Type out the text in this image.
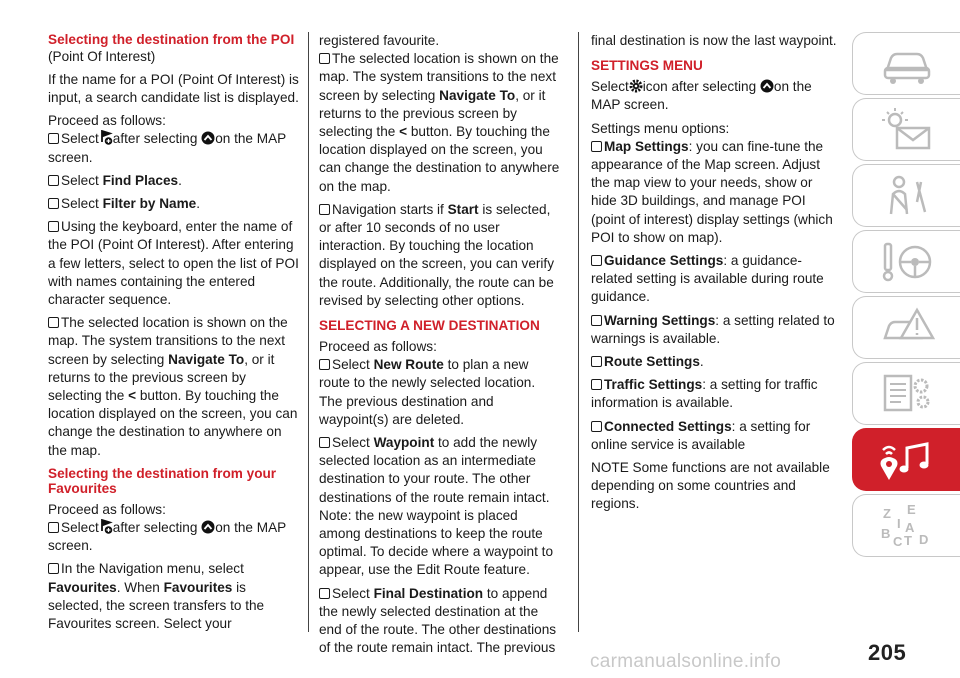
Selecting the destination from the POI

(Point Of Interest)

If the name for a POI (Point Of Interest) is input, a search candidate list is displayed.

Proceed as follows:

Select after selecting on the MAP screen.

Select Find Places.

Select Filter by Name.

Using the keyboard, enter the name of the POI (Point Of Interest). After entering a few letters, select to open the list of POI with names containing the entered character sequence.

The selected location is shown on the map. The system transitions to the next screen by selecting Navigate To, or it returns to the previous screen by selecting the < button. By touching the location displayed on the screen, you can change the destination to anywhere on the map.

Selecting the destination from your Favourites

Proceed as follows:

Select after selecting on the MAP screen.

In the Navigation menu, select Favourites. When Favourites is selected, the screen transfers to the Favourites screen. Select your

registered favourite.

The selected location is shown on the map. The system transitions to the next screen by selecting Navigate To, or it returns to the previous screen by selecting the < button. By touching the location displayed on the screen, you can change the destination to anywhere on the map.

Navigation starts if Start is selected, or after 10 seconds of no user interaction. By touching the location displayed on the screen, you can verify the route. Additionally, the route can be revised by selecting other options.

SELECTING A NEW DESTINATION

Proceed as follows:

Select New Route to plan a new route to the newly selected location. The previous destination and waypoint(s) are deleted.

Select Waypoint to add the newly selected location as an intermediate destination to your route. The other destinations of the route remain intact. Note: the new waypoint is placed among destinations to keep the route optimal. To decide where a waypoint to appear, use the Edit Route feature.

Select Final Destination to append the newly selected destination at the end of the route. The other destinations of the route remain intact. The previous

final destination is now the last waypoint.

SETTINGS MENU

Select icon after selecting on the MAP screen.

Settings menu options:

Map Settings: you can fine-tune the appearance of the Map screen. Adjust the map view to your needs, show or hide 3D buildings, and manage POI (point of interest) display settings (which POI to show on map).

Guidance Settings: a guidance-related setting is available during route guidance.

Warning Settings: a setting related to warnings is available.

Route Settings.

Traffic Settings: a setting for traffic information is available.

Connected Settings: a setting for online service is available

NOTE Some functions are not available depending on some countries and regions.

Z E
B A
C D
T
I
205
carmanualsonline.info
